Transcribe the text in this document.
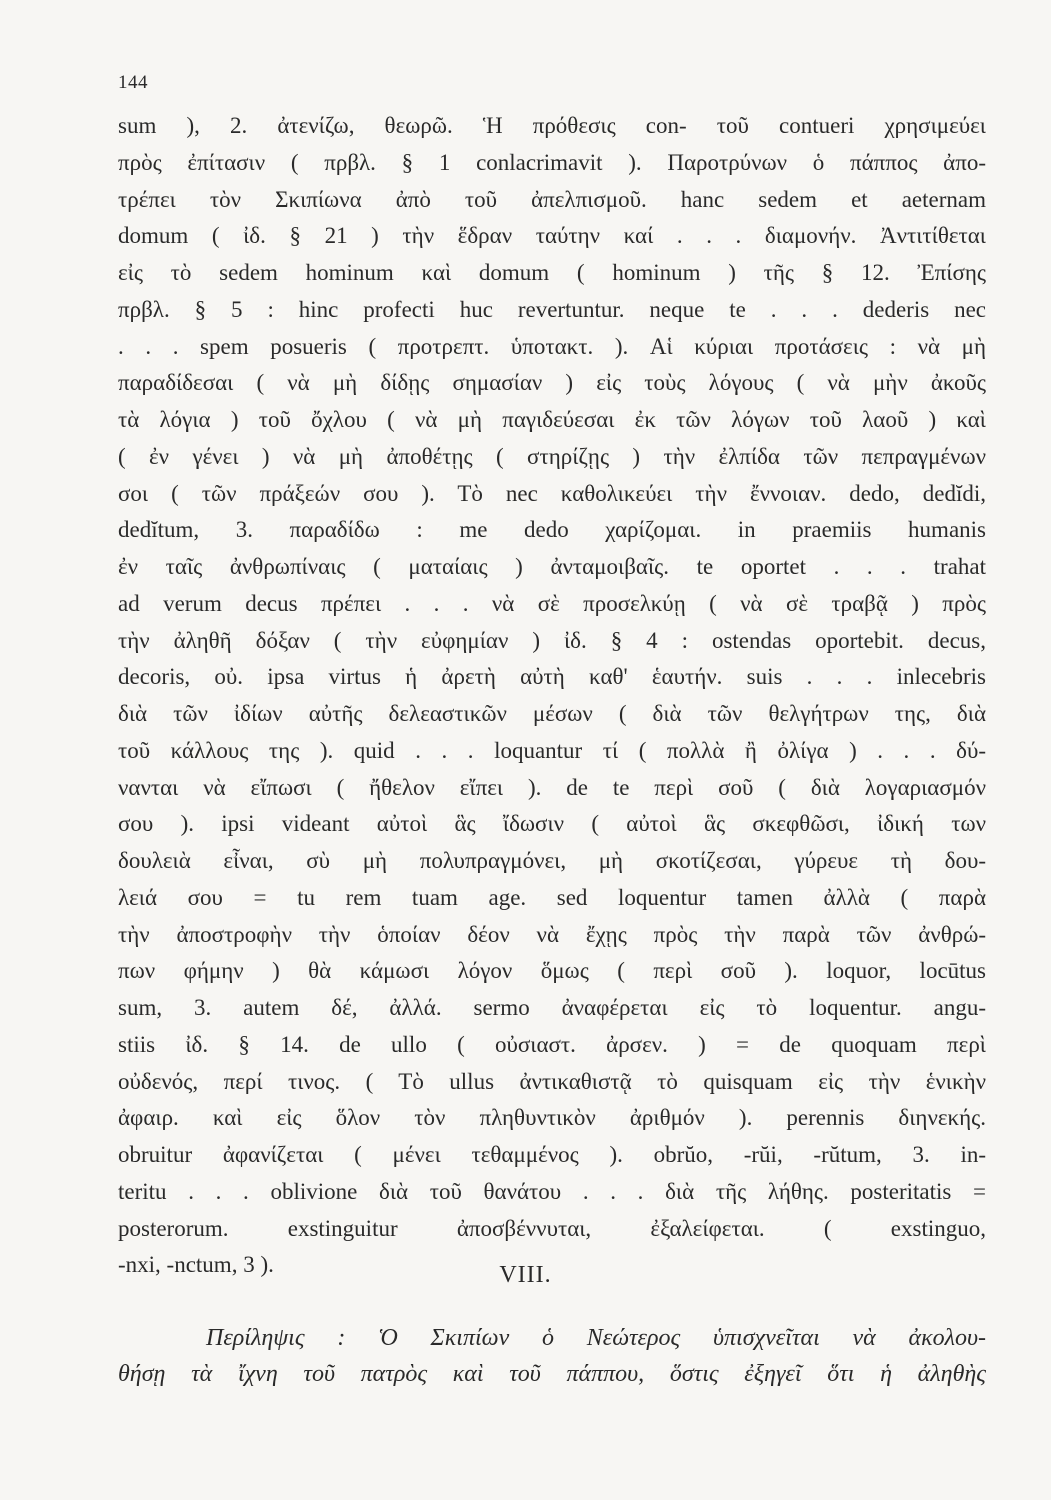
144
sum ), 2. ἀτενίζω, θεωρῶ. Ἡ πρόθεσις con- τοῦ contueri χρησιμεύει
πρὸς ἐπίτασιν ( πρβλ. § 1 conlacrimavit ). Παροτρύνων ὁ πάππος ἀπο-
τρέπει τὸν Σκιπίωνα ἀπὸ τοῦ ἀπελπισμοῦ. hanc sedem et aeternam
domum ( ἰδ. § 21 ) τὴν ἕδραν ταύτην καί . . . διαμονήν. Ἀντιτίθεται
εἰς τὸ sedem hominum καὶ domum ( hominum ) τῆς § 12. Ἐπίσης
πρβλ. § 5 : hinc profecti huc revertuntur. neque te . . . dederis nec
. . . spem posueris ( προτρεπτ. ὑποτακτ. ). Αἱ κύριαι προτάσεις : νὰ μὴ
παραδίδεσαι ( νὰ μὴ δίδῃς σημασίαν ) εἰς τοὺς λόγους ( νὰ μὴν ἀκοῦς
τὰ λόγια ) τοῦ ὄχλου ( νὰ μὴ παγιδεύεσαι ἐκ τῶν λόγων τοῦ λαοῦ ) καὶ
( ἐν γένει ) νὰ μὴ ἀποθέτῃς ( στηρίζῃς ) τὴν ἐλπίδα τῶν πεπραγμένων
σοι ( τῶν πράξεών σου ). Τὸ nec καθολικεύει τὴν ἔννοιαν. dedo, dedĭdi,
dedĭtum, 3. παραδίδω : me dedo χαρίζομαι. in praemiis humanis
ἐν ταῖς ἀνθρωπίναις ( ματαίαις ) ἀνταμοιβαῖς. te oportet . . . trahat
ad verum decus πρέπει . . . νὰ σὲ προσελκύῃ ( νὰ σὲ τραβᾷ ) πρὸς
τὴν ἀληθῆ δόξαν ( τὴν εὐφημίαν ) ἰδ. § 4 : ostendas oportebit. decus,
decoris, οὐ. ipsa virtus ἡ ἀρετὴ αὐτὴ καθ' ἑαυτήν. suis . . . inlecebris
διὰ τῶν ἰδίων αὐτῆς δελεαστικῶν μέσων ( διὰ τῶν θελγήτρων της, διὰ
τοῦ κάλλους της ). quid . . . loquantur τί ( πολλὰ ἢ ὀλίγα ) . . . δύ-
νανται νὰ εἴπωσι ( ἤθελον εἴπει ). de te περὶ σοῦ ( διὰ λογαριασμόν
σου ). ipsi videant αὐτοὶ ἃς ἴδωσιν ( αὐτοὶ ἃς σκεφθῶσι, ἰδική των
δουλειὰ εἶναι, σὺ μὴ πολυπραγμόνει, μὴ σκοτίζεσαι, γύρευε τὴ δου-
λειά σου = tu rem tuam age. sed loquentur tamen ἀλλὰ ( παρὰ
τὴν ἀποστροφὴν τὴν ὁποίαν δέον νὰ ἔχῃς πρὸς τὴν παρὰ τῶν ἀνθρώ-
πων φήμην ) θὰ κάμωσι λόγον ὅμως ( περὶ σοῦ ). loquor, locūtus
sum, 3. autem δέ, ἀλλά. sermo ἀναφέρεται εἰς τὸ loquentur. angu-
stiis ἰδ. § 14. de ullo ( οὐσιαστ. ἀρσεν. ) = de quoquam περὶ
οὐδενός, περί τινος. ( Τὸ ullus ἀντικαθιστᾷ τὸ quisquam εἰς τὴν ἑνικὴν
ἀφαιρ. καὶ εἰς ὅλον τὸν πληθυντικὸν ἀριθμόν ). perennis διηνεκής.
obruitur ἀφανίζεται ( μένει τεθαμμένος ). obrŭo, -rŭi, -rŭtum, 3. in-
teritu . . . oblivione διὰ τοῦ θανάτου . . . διὰ τῆς λήθης. posteritatis =
posterorum. exstinguitur ἀποσβέννυται, ἐξαλείφεται. ( exstinguo,
-nxi, -nctum, 3 ).	VIII.
Περίληψις : Ὁ Σκιπίων ὁ Νεώτερος ὑπισχνεῖται νὰ ἀκολου-
θήσῃ τὰ ἴχνη τοῦ πατρὸς καὶ τοῦ πάππου, ὅστις ἐξηγεῖ ὅτι ἡ ἀληθὴς
